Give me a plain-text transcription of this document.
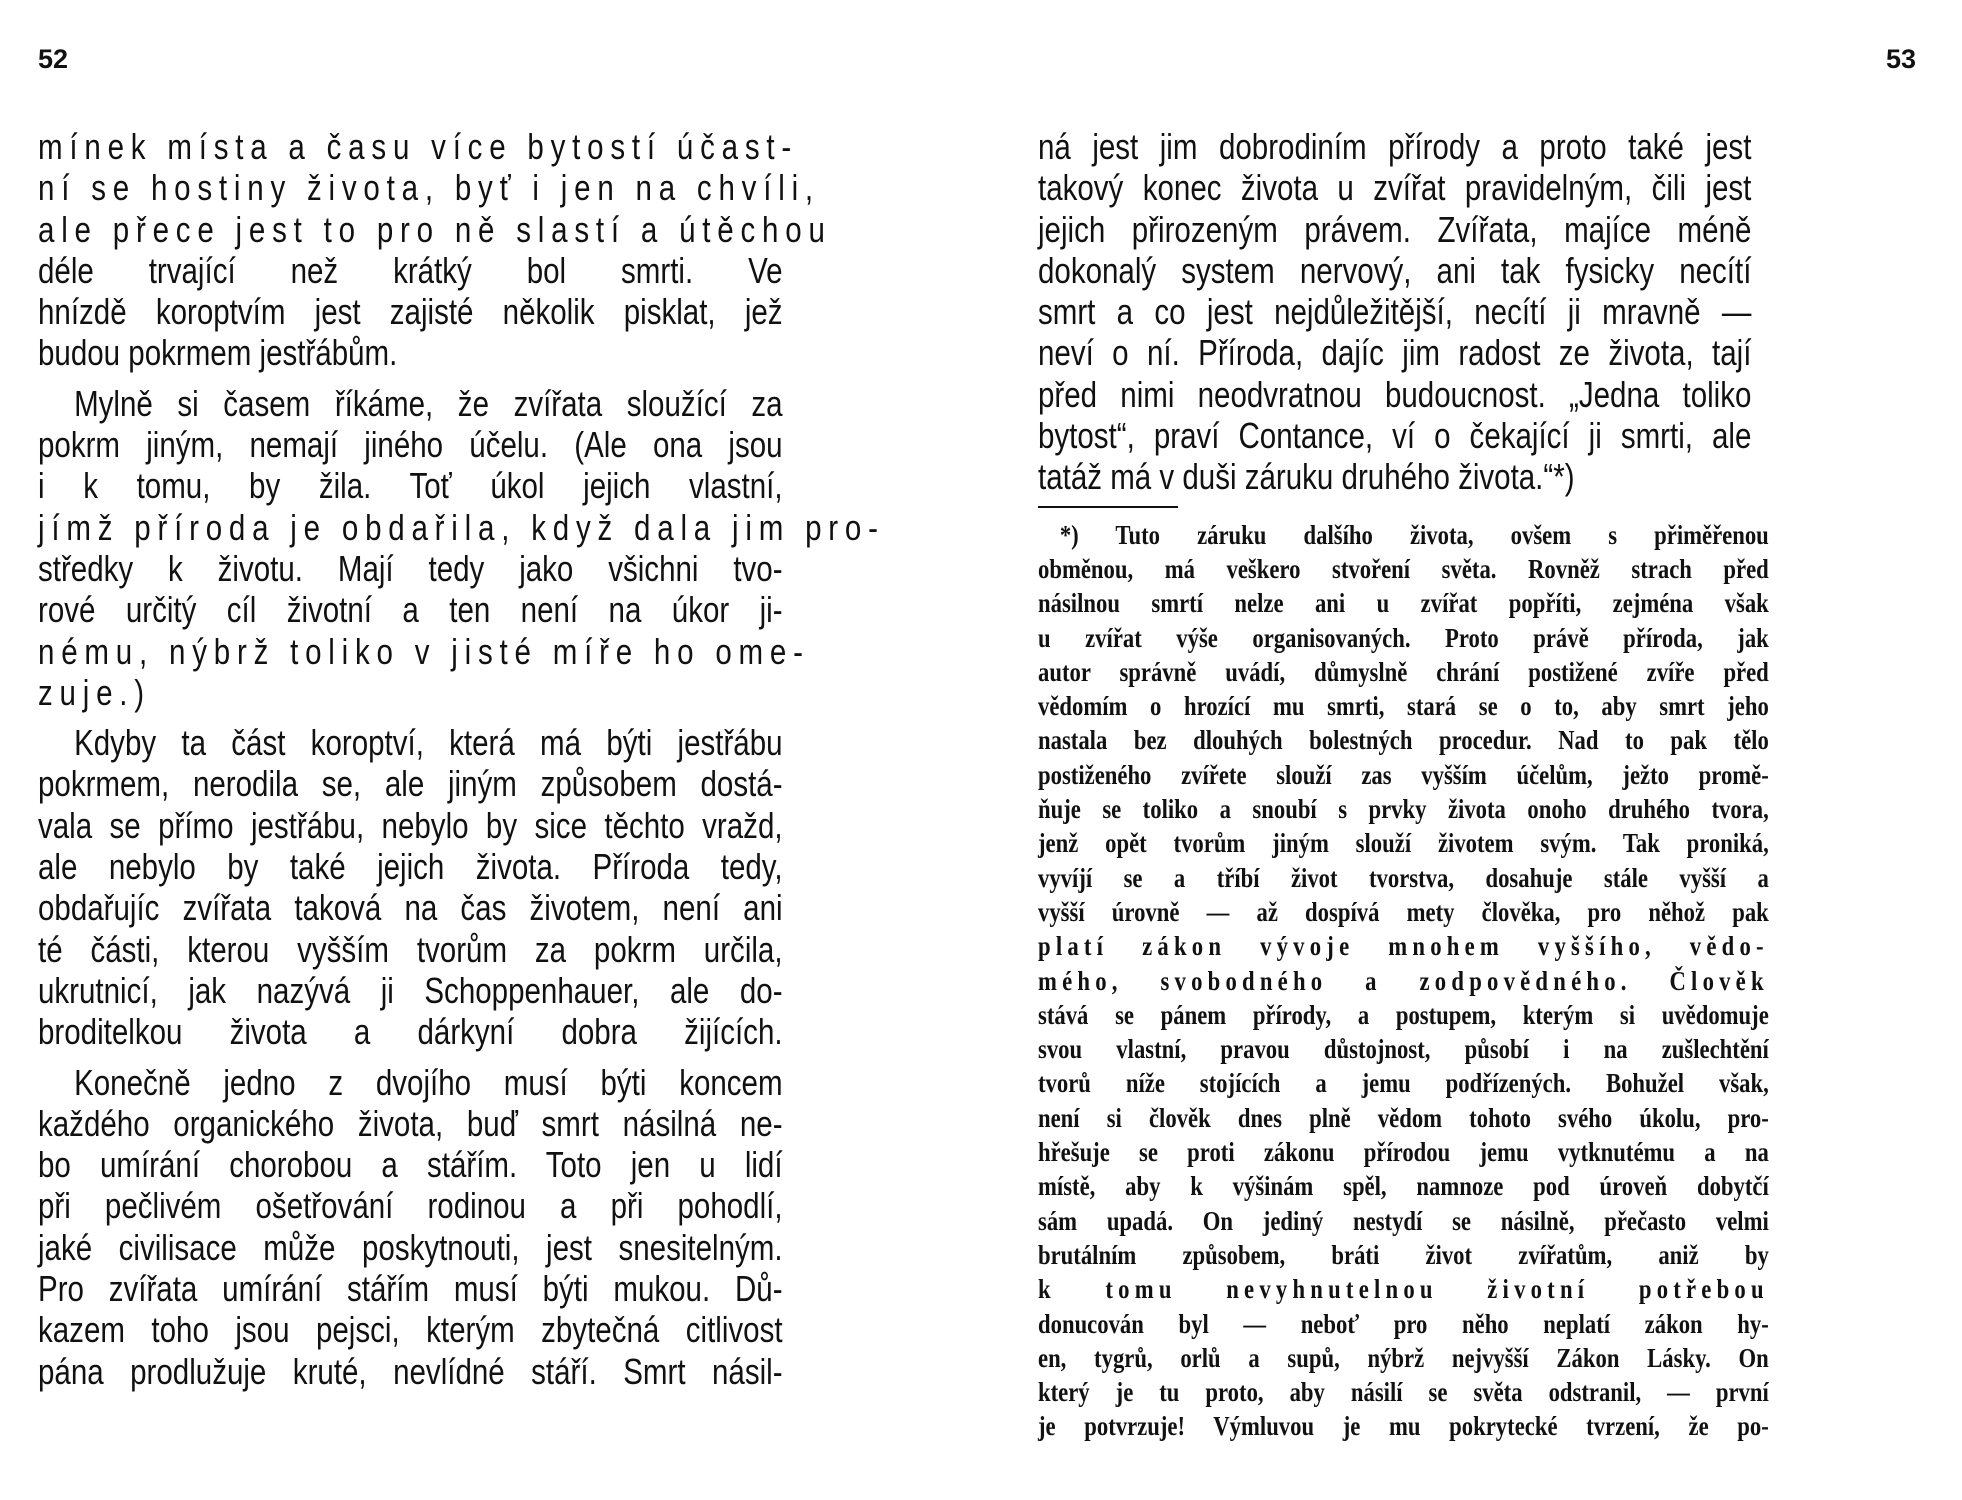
52
mínek místa a času více bytostí účast-
ní se hostiny života, byť i jen na chvíli,
ale přece jest to pro ně slastí a útěchou
déle trvající než krátký bol smrti. Ve
hnízdě koroptvím jest zajisté několik pisklat, jež
budou pokrmem jestřábům.
Mylně si časem říkáme, že zvířata sloužící za
pokrm jiným, nemají jiného účelu. (Ale ona jsou
i k tomu, by žila. Toť úkol jejich vlastní,
jímž příroda je obdařila, když dala jim pro-
středky k životu. Mají tedy jako všichni tvo-
rové určitý cíl životní a ten není na úkor ji-
nému, nýbrž toliko v jisté míře ho ome-
zuje.)
Kdyby ta část koroptví, která má býti jestřábu
pokrmem, nerodila se, ale jiným způsobem dostá-
vala se přímo jestřábu, nebylo by sice těchto vražd,
ale nebylo by také jejich života. Příroda tedy,
obdařujíc zvířata taková na čas životem, není ani
té části, kterou vyšším tvorům za pokrm určila,
ukrutnicí, jak nazývá ji Schoppenhauer, ale do-
broditelkou života a dárkyní dobra žijících.
Konečně jedno z dvojího musí býti koncem
každého organického života, buď smrt násilná ne-
bo umírání chorobou a stářím. Toto jen u lidí
při pečlivém ošetřování rodinou a při pohodlí,
jaké civilisace může poskytnouti, jest snesitelným.
Pro zvířata umírání stářím musí býti mukou. Dů-
kazem toho jsou pejsci, kterým zbytečná citlivost
pána prodlužuje kruté, nevlídné stáří. Smrt násil-
53
ná jest jim dobrodiním přírody a proto také jest
takový konec života u zvířat pravidelným, čili jest
jejich přirozeným právem. Zvířata, majíce méně
dokonalý system nervový, ani tak fysicky necítí
smrt a co jest nejdůležitější, necítí ji mravně —
neví o ní. Příroda, dajíc jim radost ze života, tají
před nimi neodvratnou budoucnost. „Jedna toliko
bytost“, praví Contance, ví o čekající ji smrti, ale
tatáž má v duši záruku druhého života.“*)
*) Tuto záruku dalšího života, ovšem s přiměřenou
obměnou, má veškero stvoření světa. Rovněž strach před
násilnou smrtí nelze ani u zvířat popříti, zejména však
u zvířat výše organisovaných. Proto právě příroda, jak
autor správně uvádí, důmyslně chrání postižené zvíře před
vědomím o hrozící mu smrti, stará se o to, aby smrt jeho
nastala bez dlouhých bolestných procedur. Nad to pak tělo
postiženého zvířete slouží zas vyšším účelům, ježto promě-
ňuje se toliko a snoubí s prvky života onoho druhého tvora,
jenž opět tvorům jiným slouží životem svým. Tak proniká,
vyvíjí se a tříbí život tvorstva, dosahuje stále vyšší a
vyšší úrovně — až dospívá mety člověka, pro něhož pak
platí zákon vývoje mnohem vyššího, vědo-
mého, svobodného a zodpovědného. Člověk
stává se pánem přírody, a postupem, kterým si uvědomuje
svou vlastní, pravou důstojnost, působí i na zušlechtění
tvorů níže stojících a jemu podřízených. Bohužel však,
není si člověk dnes plně vědom tohoto svého úkolu, pro-
hřešuje se proti zákonu přírodou jemu vytknutému a na
místě, aby k výšinám spěl, namnoze pod úroveň dobytčí
sám upadá. On jediný nestydí se násilně, přečasto velmi
brutálním způsobem, bráti život zvířatům, aniž by
k tomu nevyhnutelnou životní potřebou
donucován byl — neboť pro něho neplatí zákon hy-
en, tygrů, orlů a supů, nýbrž nejvyšší Zákon Lásky. On
který je tu proto, aby násilí se světa odstranil, — první
je potvrzuje! Výmluvou je mu pokrytecké tvrzení, že po-
